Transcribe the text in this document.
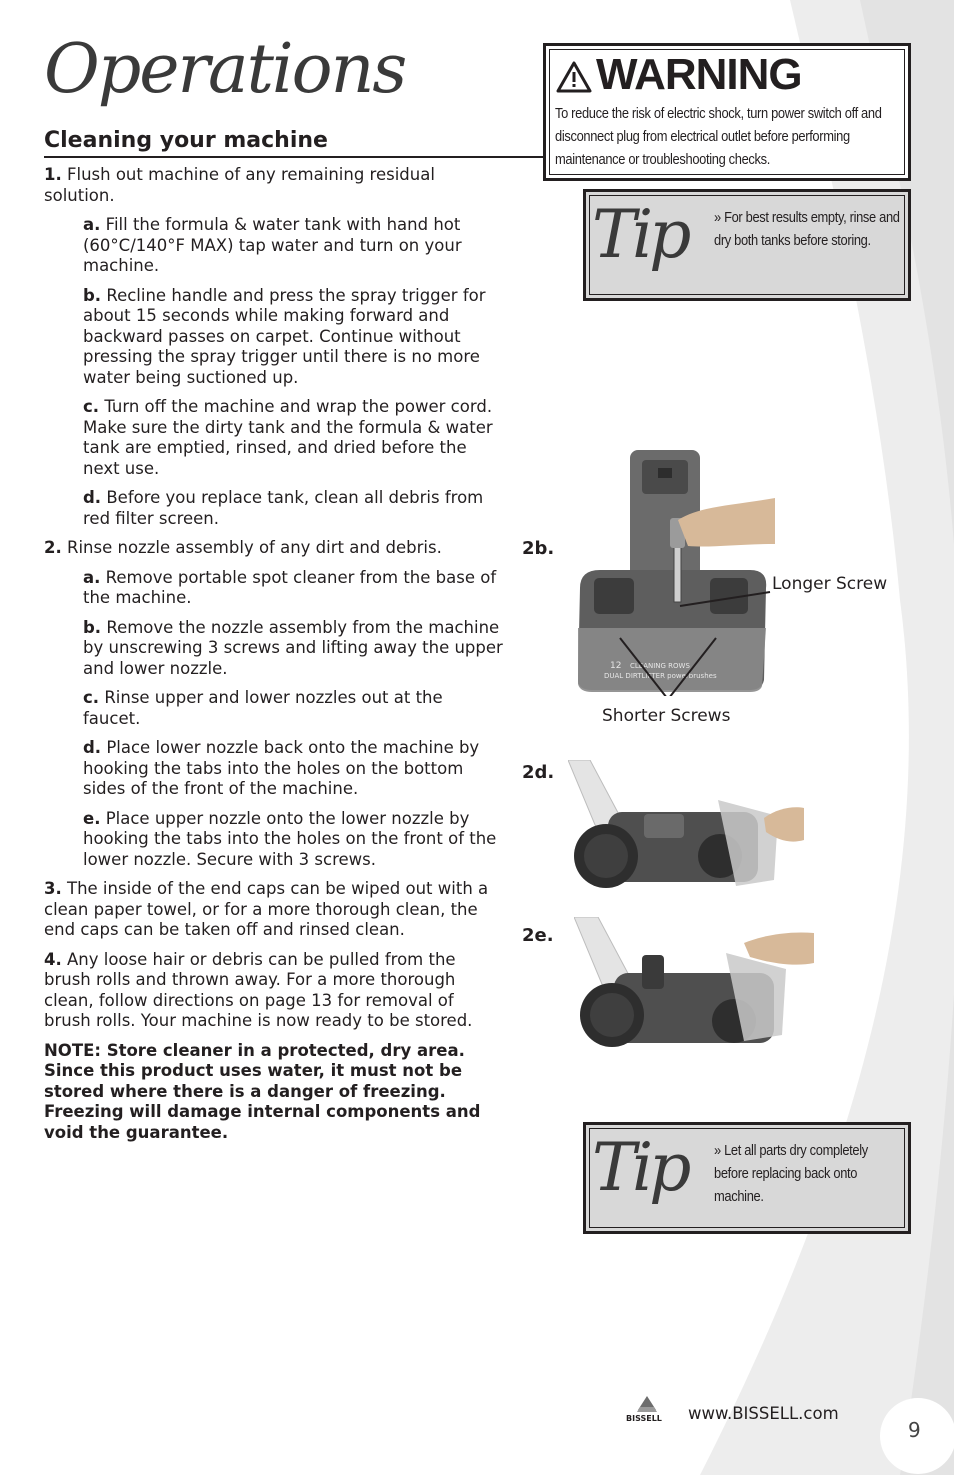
Operations
Cleaning your machine

1. Flush out machine of any remaining residual solution.

a. Fill the formula & water tank with hand hot (60°C/140°F MAX) tap water and turn on your machine.

b. Recline handle and press the spray trigger for about 15 seconds while making forward and backward passes on carpet. Continue without pressing the spray trigger until there is no more water being suctioned up.

c. Turn off the machine and wrap the power cord. Make sure the dirty tank and the formula & water tank are emptied, rinsed, and dried before the next use.

d. Before you replace tank, clean all debris from red filter screen.

2. Rinse nozzle assembly of any dirt and debris.

a. Remove portable spot cleaner from the base of the machine.

b. Remove the nozzle assembly from the machine by unscrewing 3 screws and lifting away the upper and lower nozzle.

c. Rinse upper and lower nozzles out at the faucet.

d. Place lower nozzle back onto the machine by hooking the tabs into the holes on the bottom sides of the front of the machine.

e. Place upper nozzle onto the lower nozzle by hooking the tabs into the holes on the front of the lower nozzle. Secure with 3 screws.

3. The inside of the end caps can be wiped out with a clean paper towel, or for a more thorough clean, the end caps can be taken off and rinsed clean.

4. Any loose hair or debris can be pulled from the brush rolls and thrown away. For a more thorough clean, follow directions on page 13 for removal of brush rolls. Your machine is now ready to be stored.

NOTE: Store cleaner in a protected, dry area. Since this product uses water, it must not be stored where there is a danger of freezing. Freezing will damage internal components and void the guarantee.

WARNING
To reduce the risk of electric shock, turn power switch off and disconnect plug from electrical outlet before performing maintenance or troubleshooting checks.
Tip » For best results empty, rinse and dry both tanks before storing.
2b.
12 CLEANING ROWS
DUAL DIRTLIFTER powerbrushes
Longer Screw
Shorter Screws
2d.
2e.
Tip » Let all parts dry completely before replacing back onto machine.
BISSELL www.BISSELL.com
9
